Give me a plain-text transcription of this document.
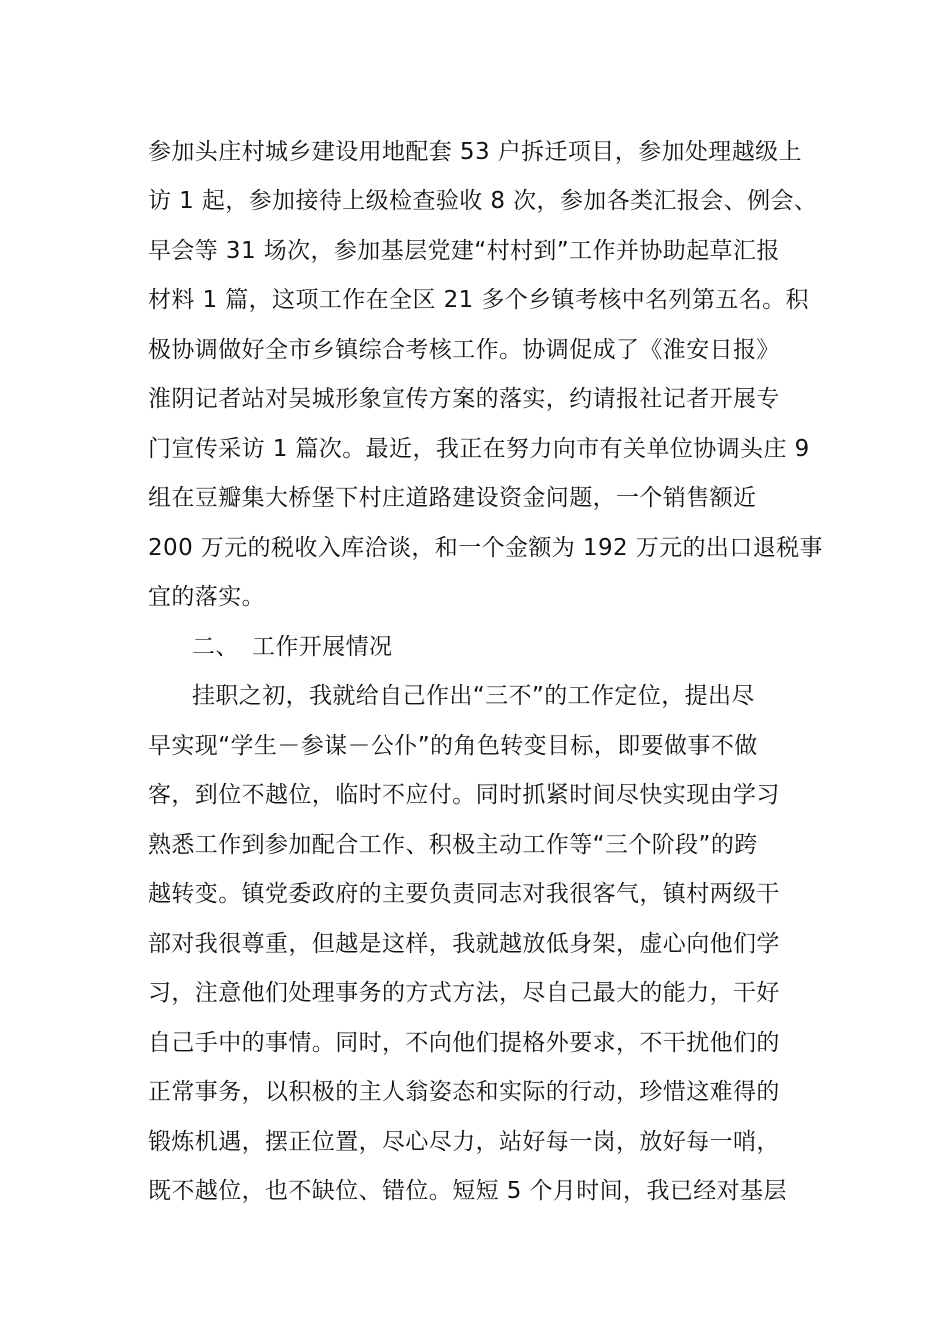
参加头庄村城乡建设用地配套 53 户拆迁项目，参加处理越级上
访 1 起，参加接待上级检查验收 8 次，参加各类汇报会、例会、
早会等 31 场次，参加基层党建“村村到”工作并协助起草汇报
材料 1 篇，这项工作在全区 21 多个乡镇考核中名列第五名。积
极协调做好全市乡镇综合考核工作。协调促成了《淮安日报》
淮阴记者站对吴城形象宣传方案的落实，约请报社记者开展专
门宣传采访 1 篇次。最近，我正在努力向市有关单位协调头庄 9
组在豆瓣集大桥堡下村庄道路建设资金问题，一个销售额近
200 万元的税收入库洽谈，和一个金额为 192 万元的出口退税事
宜的落实。
二、 工作开展情况
挂职之初，我就给自己作出“三不”的工作定位，提出尽
早实现“学生－参谋－公仆”的角色转变目标，即要做事不做
客，到位不越位，临时不应付。同时抓紧时间尽快实现由学习
熟悉工作到参加配合工作、积极主动工作等“三个阶段”的跨
越转变。镇党委政府的主要负责同志对我很客气，镇村两级干
部对我很尊重，但越是这样，我就越放低身架，虚心向他们学
习，注意他们处理事务的方式方法，尽自己最大的能力，干好
自己手中的事情。同时，不向他们提格外要求，不干扰他们的
正常事务，以积极的主人翁姿态和实际的行动，珍惜这难得的
锻炼机遇，摆正位置，尽心尽力，站好每一岗，放好每一哨，
既不越位，也不缺位、错位。短短 5 个月时间，我已经对基层
